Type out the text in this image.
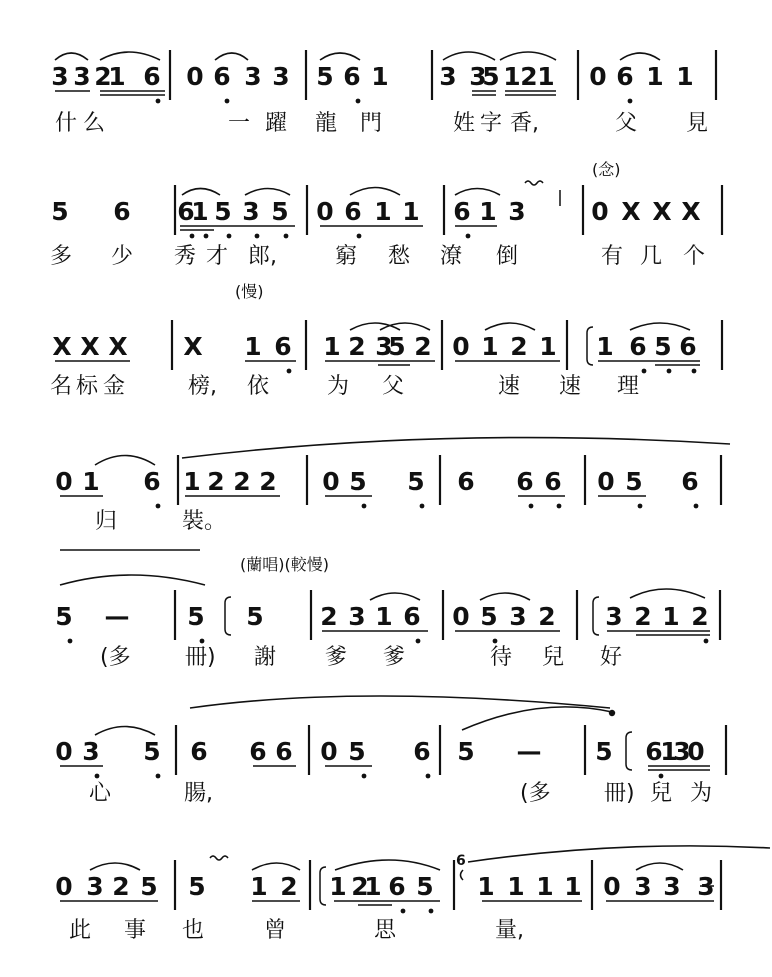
3 3 2
1 6 0 6 3 3 5 6 1 3 3
5 1 2 1 0 6 1 1
5 6 6
1 5 3 5 0 6 1 1 6 1 3	0 X X X
X X X X 1 6 1 2 3
5 2 0 1 2 1 1 6 5 6
0 1 6 1 2 2 2 0 5 5 6 6 6 0 5 6
5 — 5 5 2 3 1 6 0 5 3 2 3 2 1 2
0 3 5 6 6 6 0 5 6 5 — 5 6
1
3
0
0 3 2 5 5 1 2 1 2
1 6 5 1 1 1 1 0 3 3 3
什 么	一 躍 龍 門	姓 字 香,	父 見
多 少 秀 才 郎,	窮 愁 潦 倒	有 几 个
名 标 金	榜, 依	为 父	速 速 理
归	裝。
(多 冊) 謝 爹 爹	待 兒 好
心	腸,	(多 冊) 兒 为
此 事 也	曾	思	量,
(念)
(慢)
(蘭唱)(較慢)
6
